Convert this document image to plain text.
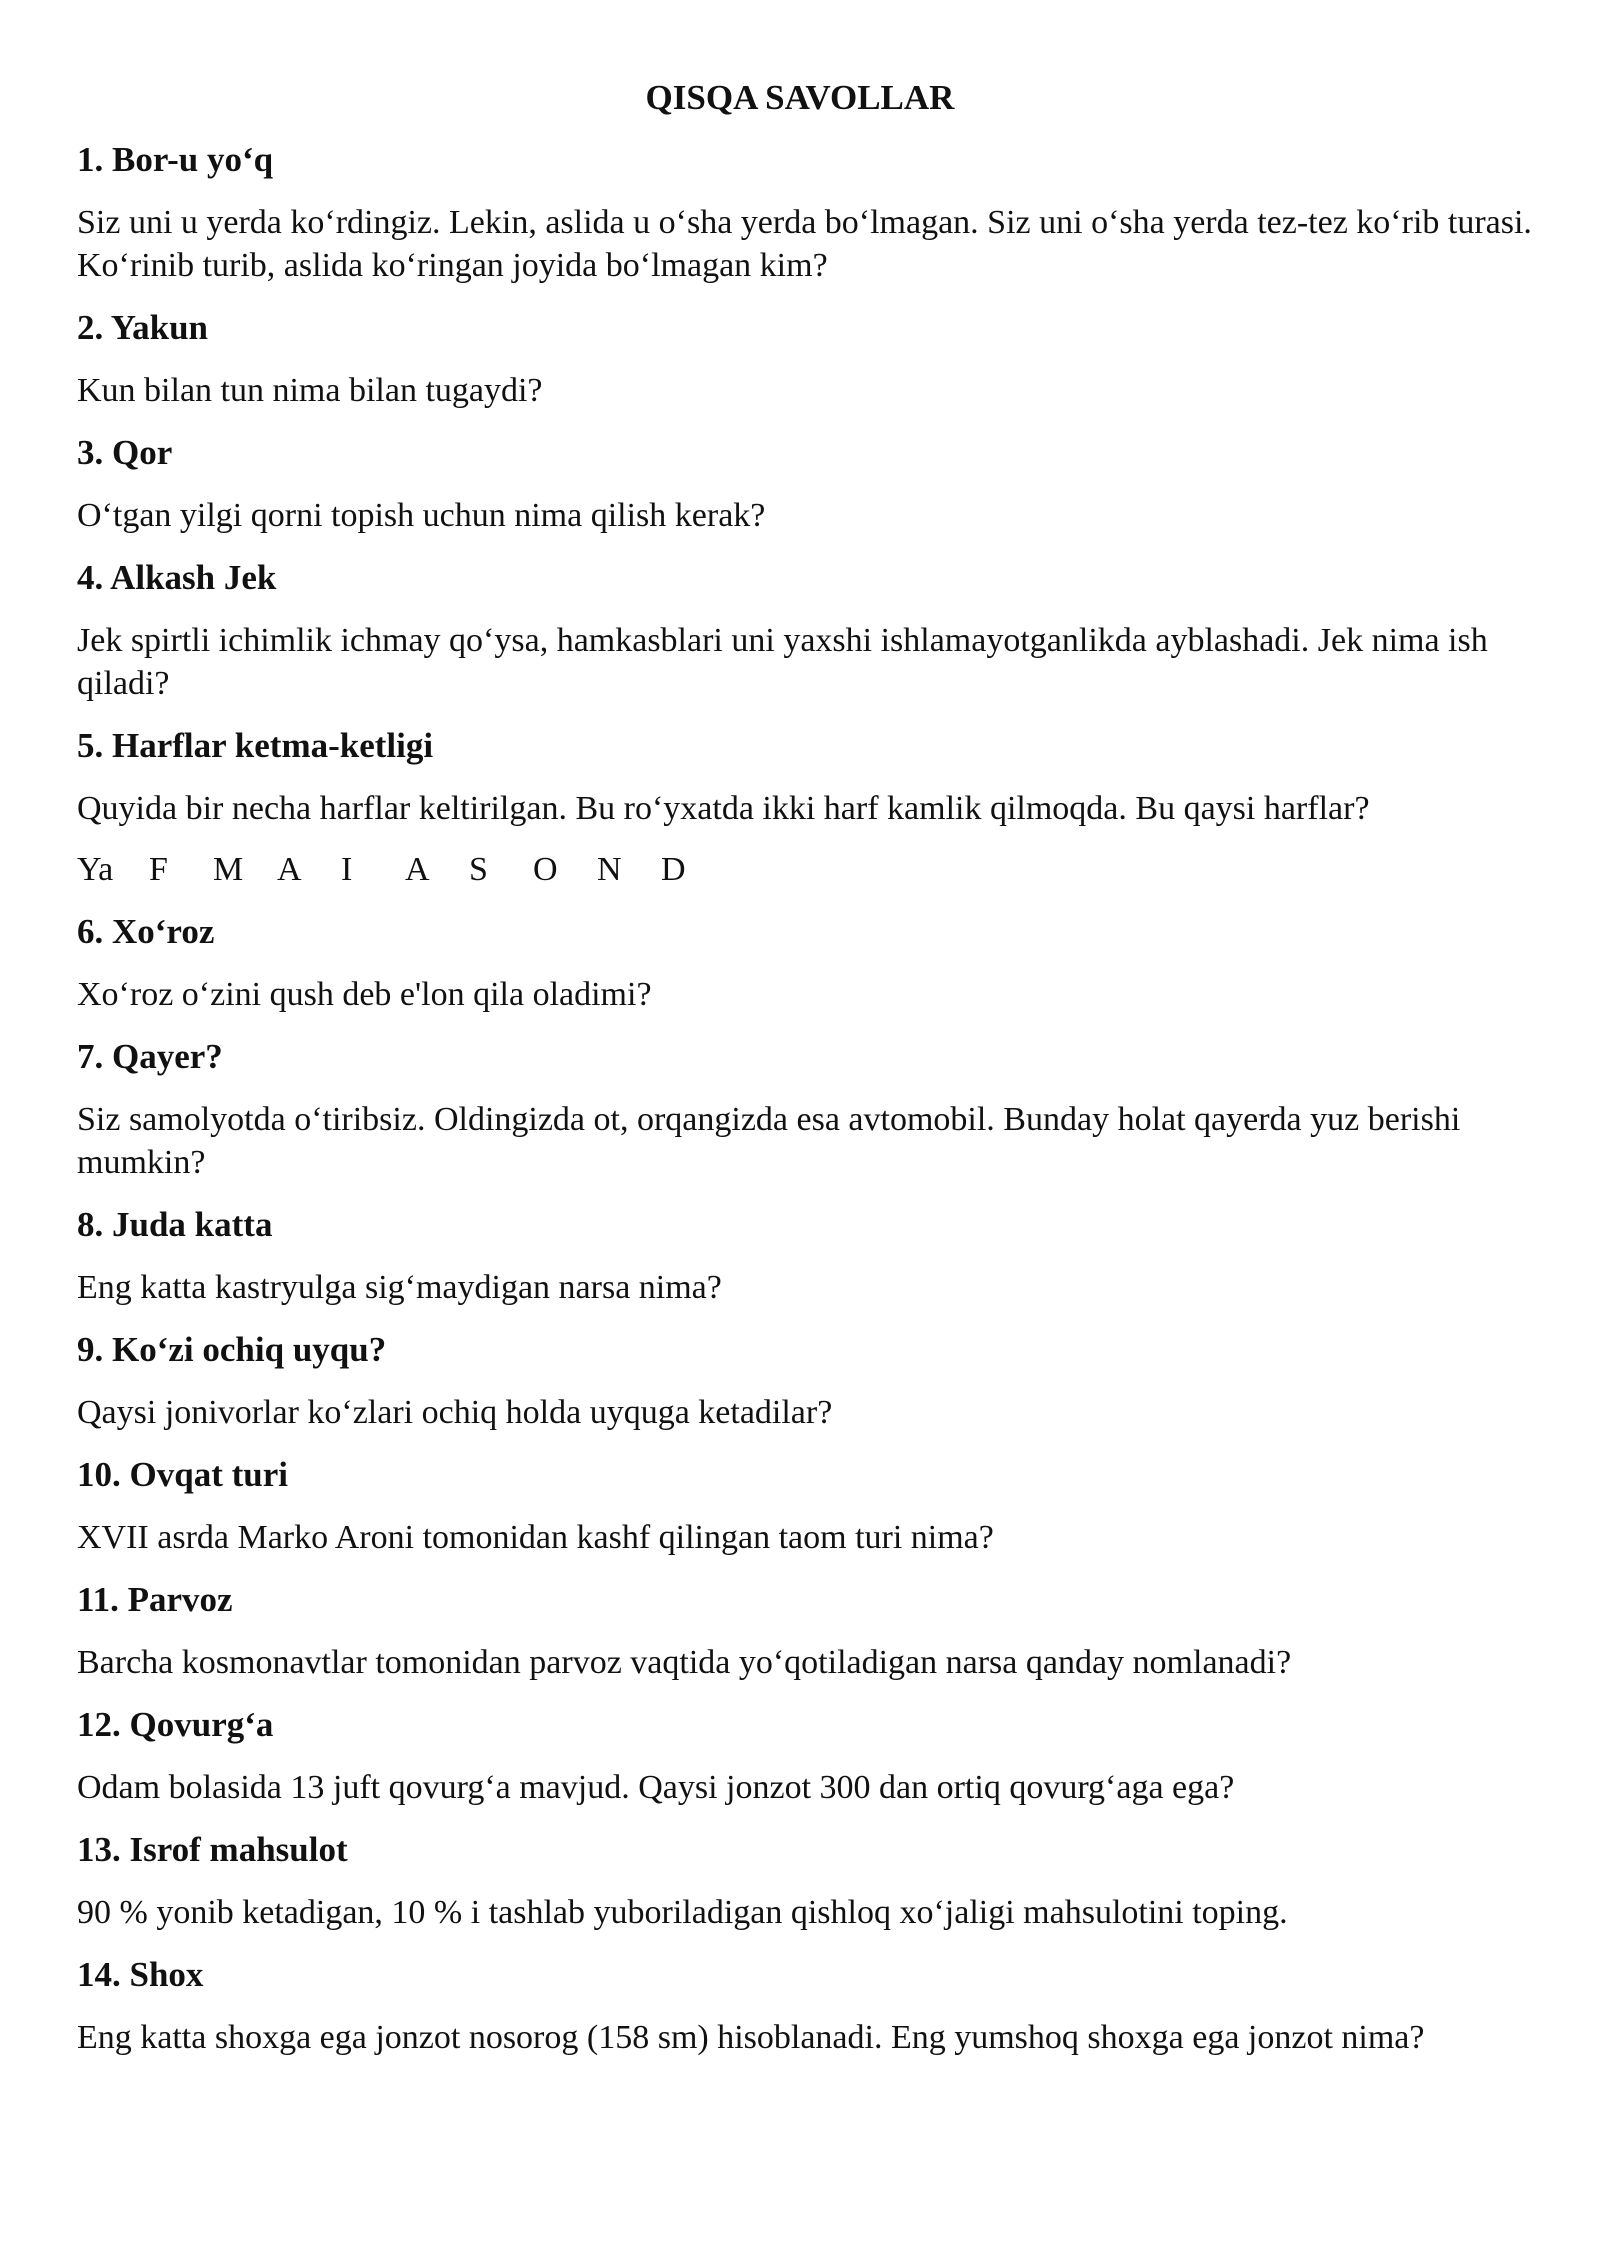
QISQA SAVOLLAR
1. Bor-u yo‘q
Siz uni u yerda ko‘rdingiz. Lekin, aslida u o‘sha yerda bo‘lmagan. Siz uni o‘sha yerda tez-tez ko‘rib turasi. Ko‘rinib turib, aslida ko‘ringan joyida bo‘lmagan kim?
2. Yakun
Kun bilan tun nima bilan tugaydi?
3. Qor
O‘tgan yilgi qorni topish uchun nima qilish kerak?
4. Alkash Jek
Jek spirtli ichimlik ichmay qo‘ysa, hamkasblari uni yaxshi ishlamayotganlikda ayblashadi. Jek nima ish qiladi?
5. Harflar ketma-ketligi
Quyida bir necha harflar keltirilgan. Bu ro‘yxatda ikki harf kamlik qilmoqda. Bu qaysi harflar?
Ya F M A I A S O N D
6. Xo‘roz
Xo‘roz o‘zini qush deb e'lon qila oladimi?
7. Qayer?
Siz samolyotda o‘tiribsiz. Oldingizda ot, orqangizda esa avtomobil. Bunday holat qayerda yuz berishi mumkin?
8. Juda katta
Eng katta kastryulga sig‘maydigan narsa nima?
9. Ko‘zi ochiq uyqu?
Qaysi jonivorlar ko‘zlari ochiq holda uyquga ketadilar?
10. Ovqat turi
XVII asrda Marko Aroni tomonidan kashf qilingan taom turi nima?
11. Parvoz
Barcha kosmonavtlar tomonidan parvoz vaqtida yo‘qotiladigan narsa qanday nomlanadi?
12. Qovurg‘a
Odam bolasida 13 juft qovurg‘a mavjud. Qaysi jonzot 300 dan ortiq qovurg‘aga ega?
13. Isrof mahsulot
90 % yonib ketadigan, 10 % i tashlab yuboriladigan qishloq xo‘jaligi mahsulotini toping.
14. Shox
Eng katta shoxga ega jonzot nosorog (158 sm) hisoblanadi. Eng yumshoq shoxga ega jonzot nima?
